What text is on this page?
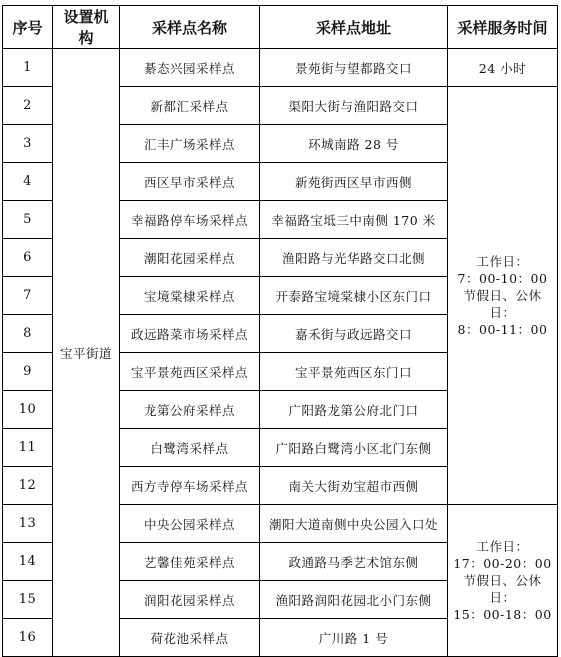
序号	设置机构	采样点名称	采样点地址	采样服务时间
1	宝平街道	綦态兴园采样点	景苑街与望都路交口	24 小时
2		新都汇采样点	渠阳大街与渔阳路交口	工作日：
7：00-10：00
节假日、公休日：
8：00-11：00

3		汇丰广场采样点	环城南路 28 号	
4		西区早市采样点	新苑街西区早市西侧	
5		幸福路停车场采样点	幸福路宝坻三中南侧 170 米	
6		潮阳花园采样点	渔阳路与光华路交口北侧	
7		宝境棠棣采样点	开泰路宝境棠棣小区东门口	
8		政远路菜市场采样点	嘉禾街与政远路交口	
9		宝平景苑西区采样点	宝平景苑西区东门口	
10		龙第公府采样点	广阳路龙第公府北门口	
11		白鹭湾采样点	广阳路白鹭湾小区北门东侧	
12		西方寺停车场采样点	南关大街劝宝超市西侧	
13		中央公园采样点	潮阳大道南侧中央公园入口处	工作日：
17：00-20：00
节假日、公休日：
15：00-18：00

14		艺馨佳苑采样点	政通路马季艺术馆东侧	
15		润阳花园采样点	渔阳路润阳花园北小门东侧	
16		荷花池采样点	广川路 1 号	
